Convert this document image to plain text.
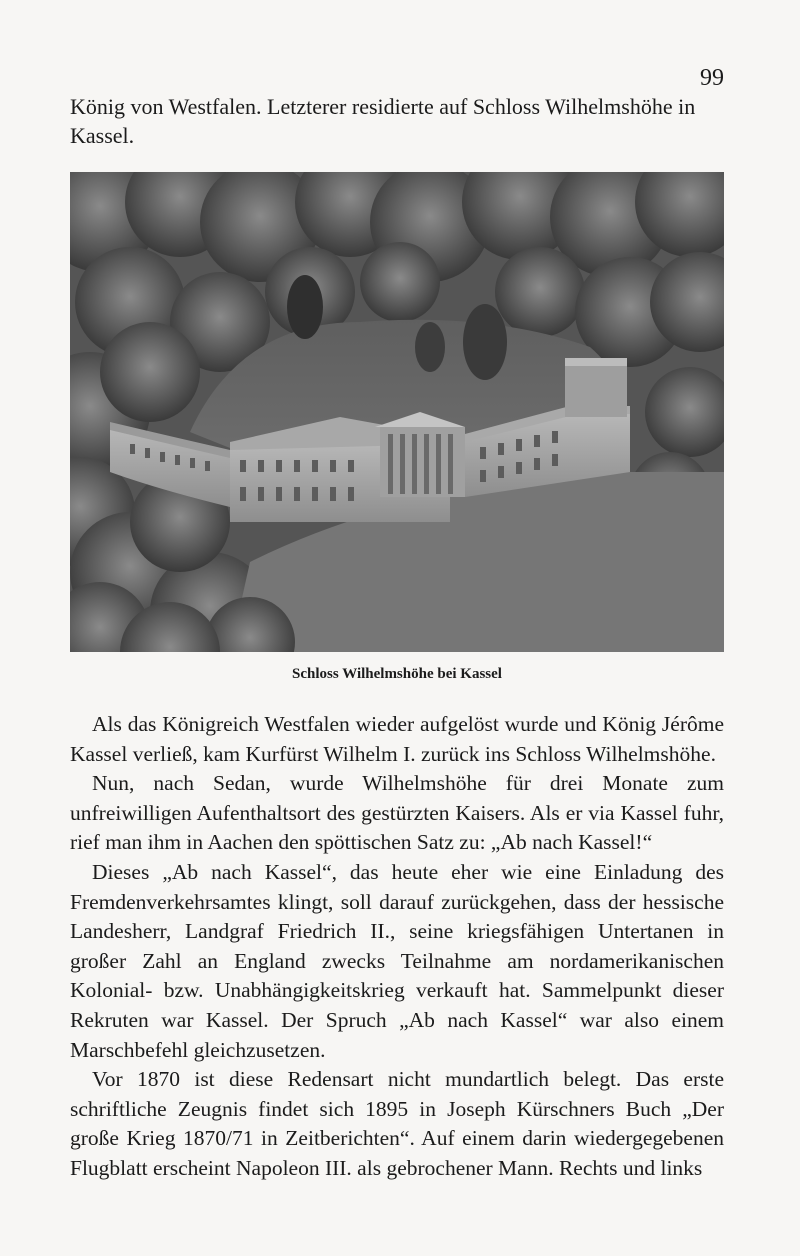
99

König von Westfalen. Letzterer residierte auf Schloss Wilhelmshöhe in Kassel.

Schloss Wilhelmshöhe bei Kassel

Als das Königreich Westfalen wieder aufgelöst wurde und König Jérôme Kassel verließ, kam Kurfürst Wilhelm I. zurück ins Schloss Wilhelmshöhe.

Nun, nach Sedan, wurde Wilhelmshöhe für drei Monate zum unfreiwilligen Aufenthaltsort des gestürzten Kaisers. Als er via Kassel fuhr, rief man ihm in Aachen den spöttischen Satz zu: „Ab nach Kassel!“

Dieses „Ab nach Kassel“, das heute eher wie eine Einladung des Fremdenverkehrsamtes klingt, soll darauf zurückgehen, dass der hessische Landesherr, Landgraf Friedrich II., seine kriegsfähigen Untertanen in großer Zahl an England zwecks Teilnahme am nordamerikanischen Kolonial- bzw. Unabhängigkeitskrieg verkauft hat. Sammelpunkt dieser Rekruten war Kassel. Der Spruch „Ab nach Kassel“ war also einem Marschbefehl gleichzusetzen.

Vor 1870 ist diese Redensart nicht mundartlich belegt. Das erste schriftliche Zeugnis findet sich 1895 in Joseph Kürschners Buch „Der große Krieg 1870/71 in Zeitberichten“. Auf einem darin wiedergegebenen Flugblatt erscheint Napoleon III. als gebrochener Mann. Rechts und links
